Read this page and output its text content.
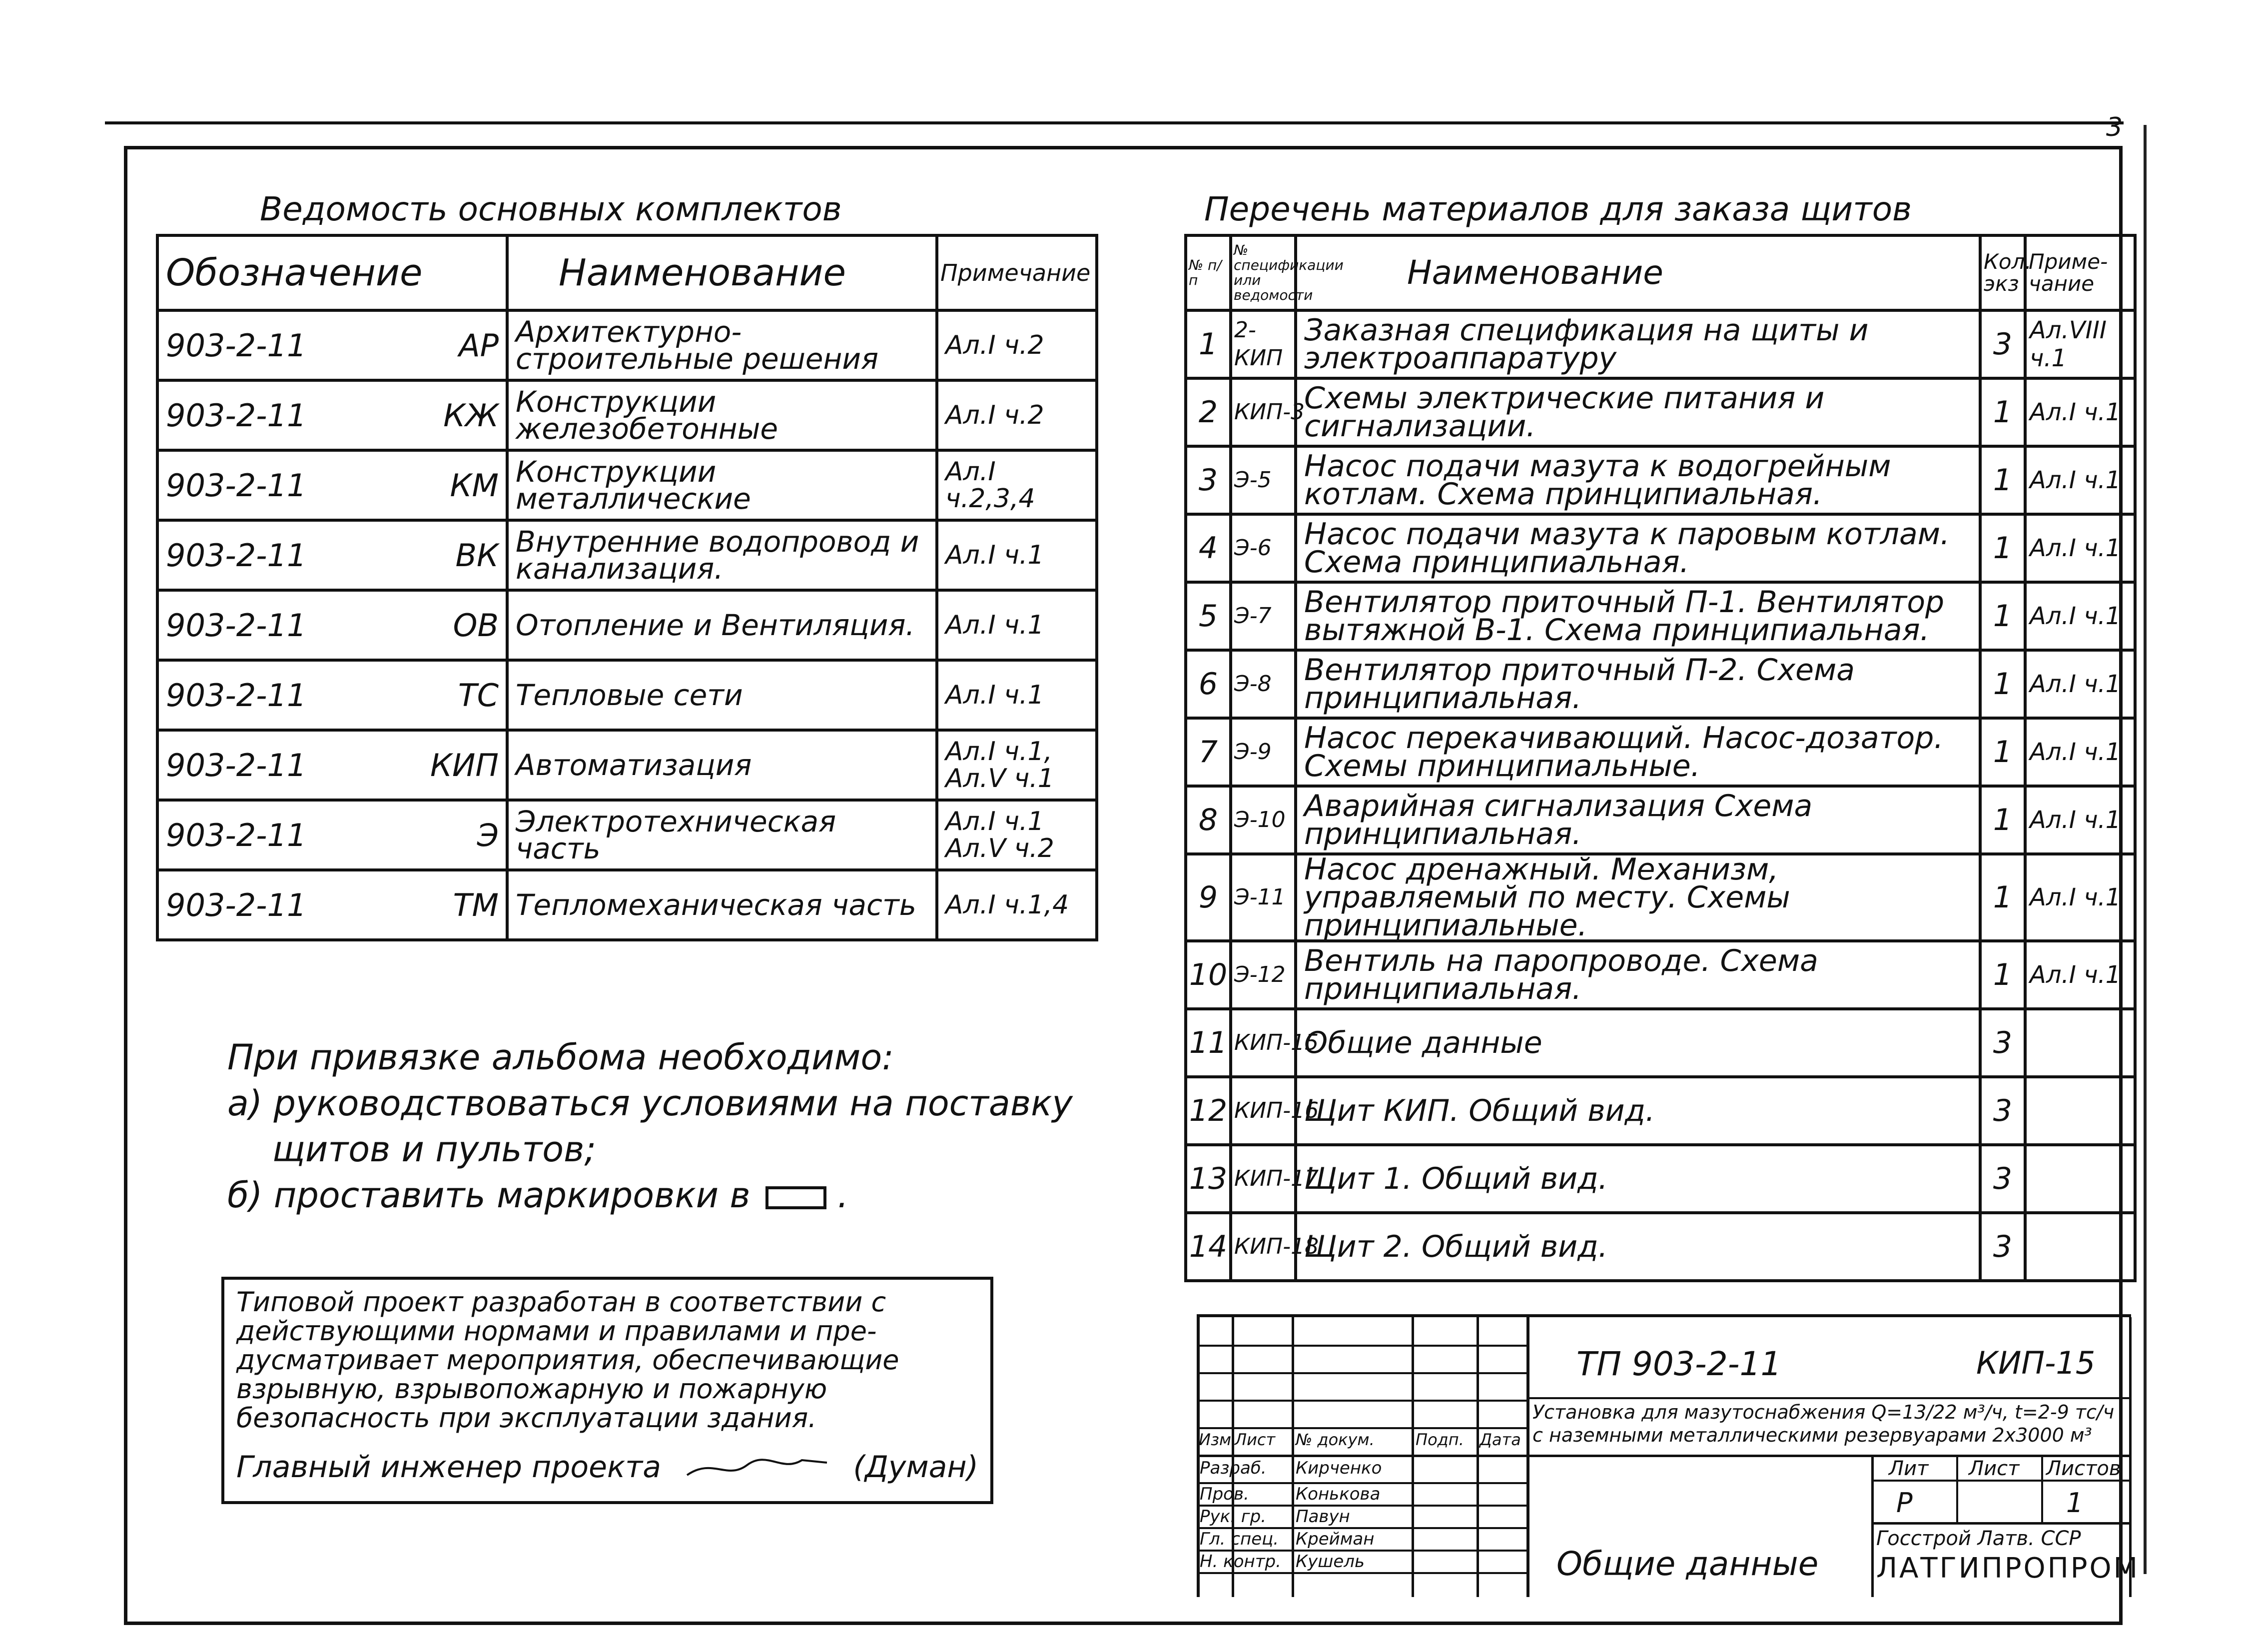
3
Ведомость основных комплектов
Обозначение	Наименование	Примечание

903-2-11 АР	Архитектурно-строительные решения	Ал.I ч.2

903-2-11 КЖ	Конструкции железобетонные	Ал.I ч.2

903-2-11 КМ	Конструкции металлические	Ал.I ч.2,3,4

903-2-11 ВК	Внутренние водопровод и канализация.	Ал.I ч.1

903-2-11 ОВ	Отопление и Вентиляция.	Ал.I ч.1

903-2-11 ТС	Тепловые сети	Ал.I ч.1

903-2-11 КИП	Автоматизация	Ал.I ч.1, Ал.V ч.1

903-2-11 Э	Электротехническая часть	Ал.I ч.1 Ал.V ч.2

903-2-11 ТМ	Тепломеханическая часть	Ал.I ч.1,4
Перечень материалов для заказа щитов
№ п/п	№ спецификации или ведомости	Наименование	Кол. экз	Приме-чание
1	2-КИП	Заказная спецификация на щиты и электроаппаратуру	3	Ал.VIII ч.1
2	КИП-3	Схемы электрические питания и сигнализации.	1	Ал.I ч.1
3	Э-5	Насос подачи мазута к водогрейным котлам. Схема принципиальная.	1	Ал.I ч.1
4	Э-6	Насос подачи мазута к паровым котлам. Схема принципиальная.	1	Ал.I ч.1
5	Э-7	Вентилятор приточный П-1. Вентилятор вытяжной В-1. Схема принципиальная.	1	Ал.I ч.1
6	Э-8	Вентилятор приточный П-2. Схема принципиальная.	1	Ал.I ч.1
7	Э-9	Насос перекачивающий. Насос-дозатор. Схемы принципиальные.	1	Ал.I ч.1
8	Э-10	Аварийная сигнализация Схема принципиальная.	1	Ал.I ч.1
9	Э-11	Насос дренажный. Механизм, управляемый по месту. Схемы принципиальные.	1	Ал.I ч.1
10	Э-12	Вентиль на паропроводе. Схема принципиальная.	1	Ал.I ч.1
11	КИП-15	Общие данные	3	
12	КИП-16	Щит КИП. Общий вид.	3	
13	КИП-17	Щит 1. Общий вид.	3	
14	КИП-18	Щит 2. Общий вид.	3	
При привязке альбома необходимо:
а) руководствоваться условиями на поставку
щитов и пультов;
б) проставить маркировки в .
Типовой проект разработан в соответствии с
действующими нормами и правилами и пре-
дусматривает мероприятия, обеспечивающие
взрывную, взрывопожарную и пожарную
безопасность при эксплуатации здания.
Главный инженер проекта	(Думан)
ТП 903-2-11	КИП-15
Установка для мазутоснабжения Q=13/22 м³/ч, t=2-9 тс/ч
с наземными металлическими резервуарами 2х3000 м³
Изм.
Лист № докум.	Подп. Дата
Разраб. Кирченко
Пров.	Конькова
Рук. гр. Павун
Гл. спец. Крейман
Н. контр. Кушель
Лит Лист Листов
Р	1
Общие данные
Госстрой Латв. ССР
ЛАТГИПРОПРОМ
